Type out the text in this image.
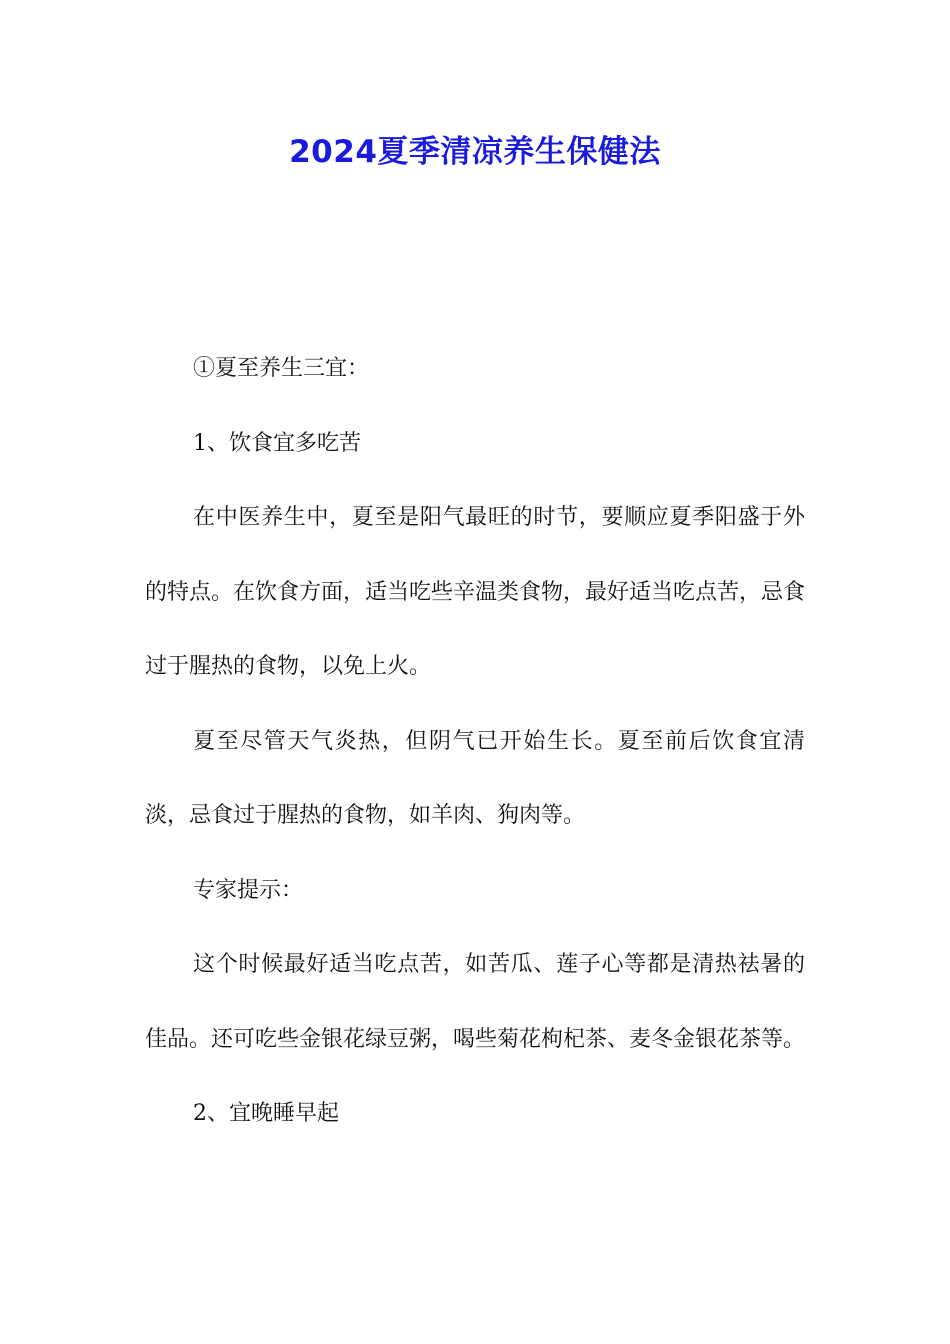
2024夏季清凉养生保健法

①夏至养生三宜：

1、饮食宜多吃苦

在中医养生中，夏至是阳气最旺的时节，要顺应夏季阳盛于外的特点。在饮食方面，适当吃些辛温类食物，最好适当吃点苦，忌食过于腥热的食物，以免上火。

夏至尽管天气炎热，但阴气已开始生长。夏至前后饮食宜清淡，忌食过于腥热的食物，如羊肉、狗肉等。

专家提示：

这个时候最好适当吃点苦，如苦瓜、莲子心等都是清热祛暑的佳品。还可吃些金银花绿豆粥，喝些菊花枸杞茶、麦冬金银花茶等。

2、宜晚睡早起
